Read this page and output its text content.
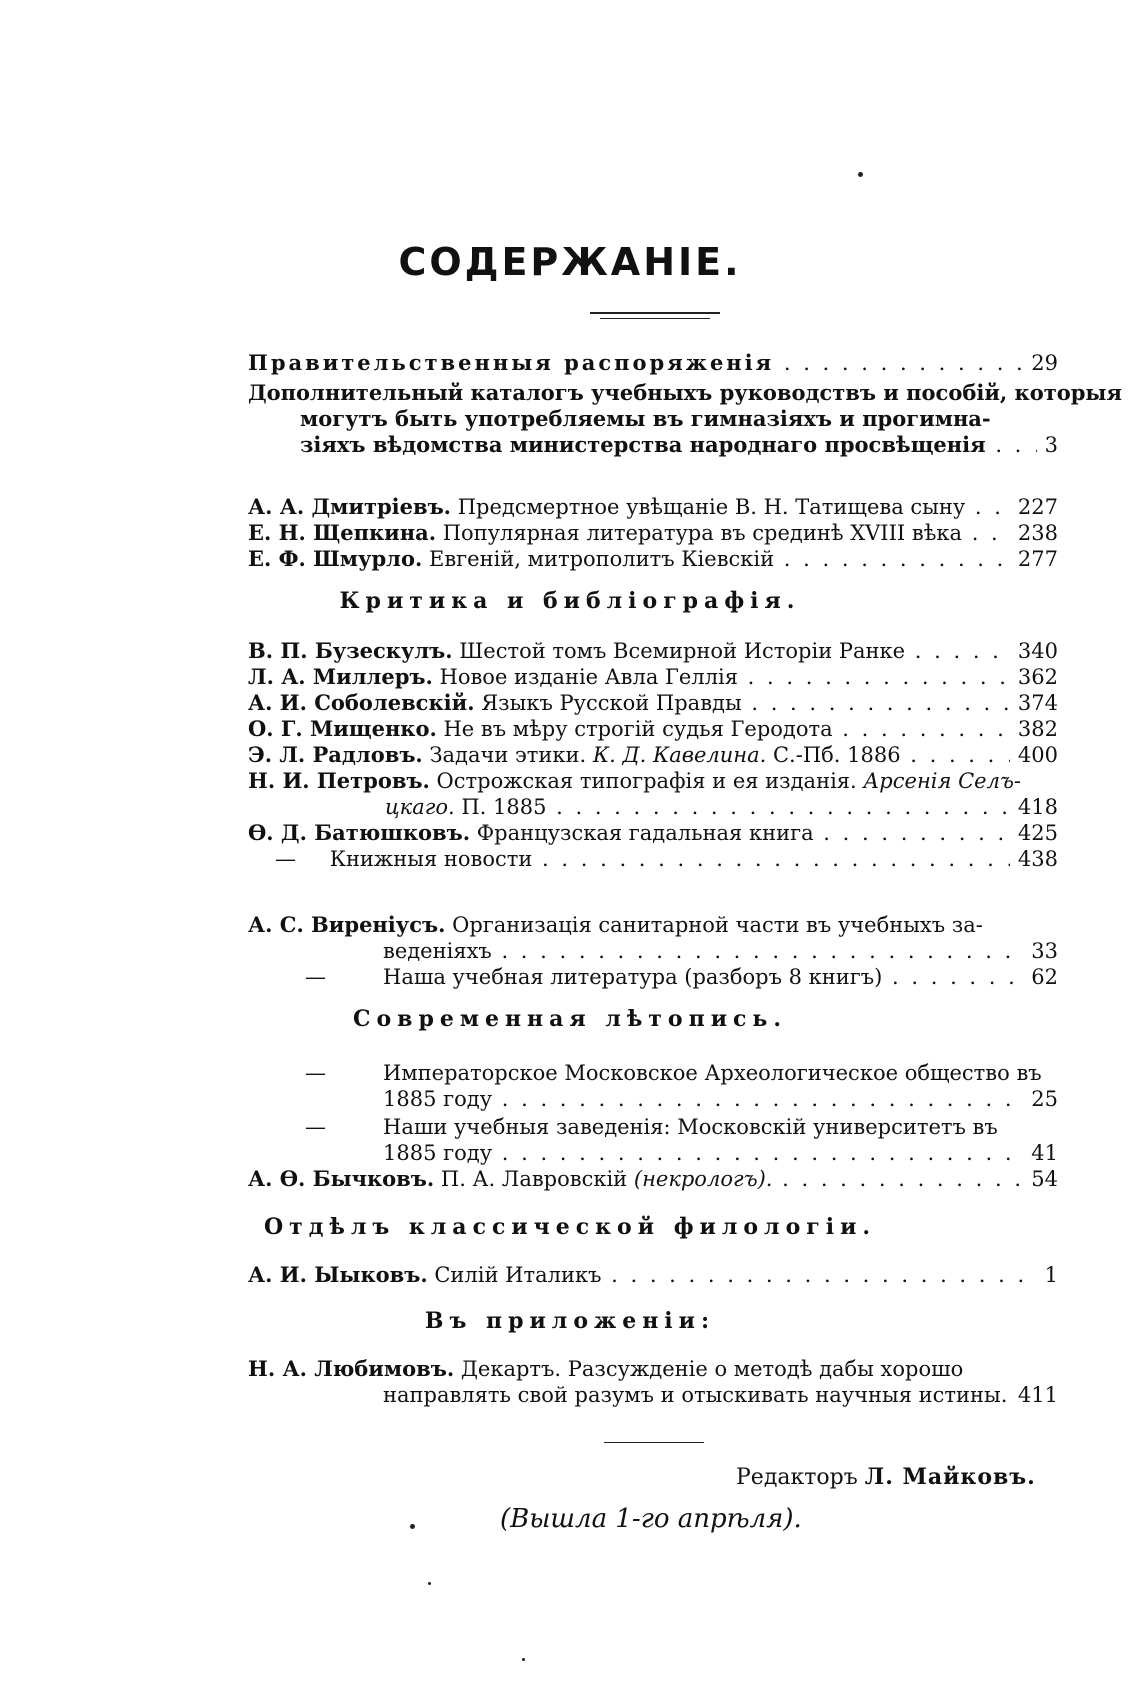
СОДЕРЖАНІЕ.
Правительственныя распоряженія . . .	29
Дополнительный каталогъ учебныхъ руководствъ и пособій, которыя
могутъ быть употребляемы въ гимназіяхъ и прогимна-
зіяхъ вѣдомства министерства народнаго просвѣщенія . . .	3
А. А. Дмитріевъ. Предсмертное увѣщаніе В. Н. Татищева сыну . . .	227
Е. Н. Щепкина. Популярная литература въ срединѣ XVIII вѣка . . .	238
Е. Ф. Шмурло. Евгеній, митрополитъ Кіевскій . . .	277
Критика и библіографія.
В. П. Бузескулъ. Шестой томъ Всемирной Исторіи Ранке . . .	340
Л. А. Миллеръ. Новое изданіе Авла Геллія . . .	362
А. И. Соболевскій. Языкъ Русской Правды . . .	374
О. Г. Мищенко. Не въ мѣру строгій судья Геродота . . .	382
Э. Л. Радловъ. Задачи этики. К. Д. Кавелина. С.-Пб. 1886 . . .	400
Н. И. Петровъ. Острожская типографія и ея изданія. Арсенія Селъ-
цкаго. П. 1885 . . .	418
Ѳ. Д. Батюшковъ. Французская гадальная книга . . .	425
— Книжныя новости . . .	438
А. С. Виреніусъ. Организація санитарной части въ учебныхъ за-
веденіяхъ . . .	33
—	Наша учебная литература (разборъ 8 книгъ) . . .	62
Современная лѣтопись.
—	Императорское Московское Археологическое общество въ
1885 году . . .	25
—	Наши учебныя заведенія: Московскій университетъ въ
1885 году . . .	41
А. Ѳ. Бычковъ. П. А. Лавровскій (некрологъ). . . .	54
Отдѣлъ классической филологіи.
А. И. Ыыковъ. Силій Италикъ . . .	1
Въ приложеніи:
Н. А. Любимовъ. Декартъ. Разсужденіе о методѣ дабы хорошо
направлять свой разумъ и отыскивать научныя истины. . . . 411
Редакторъ Л. Майковъ.
(Вышла 1-го апрѣля).
